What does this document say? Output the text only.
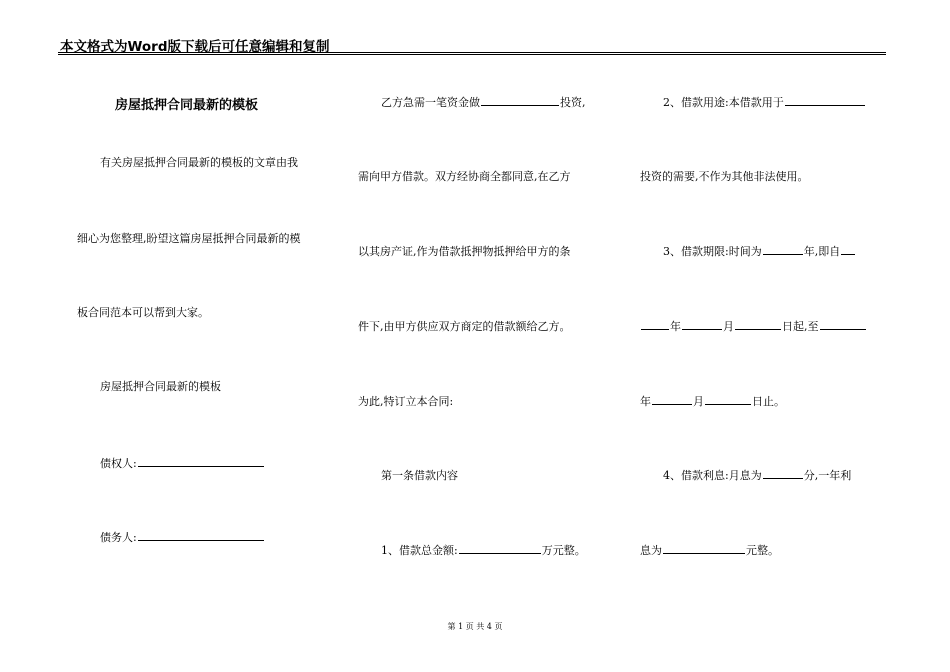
本文格式为Word版下载后可任意编辑和复制
房屋抵押合同最新的模板
有关房屋抵押合同最新的模板的文章由我
细心为您整理,盼望这篇房屋抵押合同最新的模
板合同范本可以帮到大家。
房屋抵押合同最新的模板
债权人:
债务人:
乙方急需一笔资金做	投资,
需向甲方借款。双方经协商全都同意,在乙方
以其房产证,作为借款抵押物抵押给甲方的条
件下,由甲方供应双方商定的借款额给乙方。
为此,特订立本合同:
第一条借款内容
1、借款总金额:	万元整。
2、借款用途:本借款用于
投资的需要,不作为其他非法使用。
3、借款期限:时间为	年,即自
年	月	日起,至
年	月	日止。
4、借款利息:月息为	分,一年利
息为	元整。
第 1 页 共 4 页
